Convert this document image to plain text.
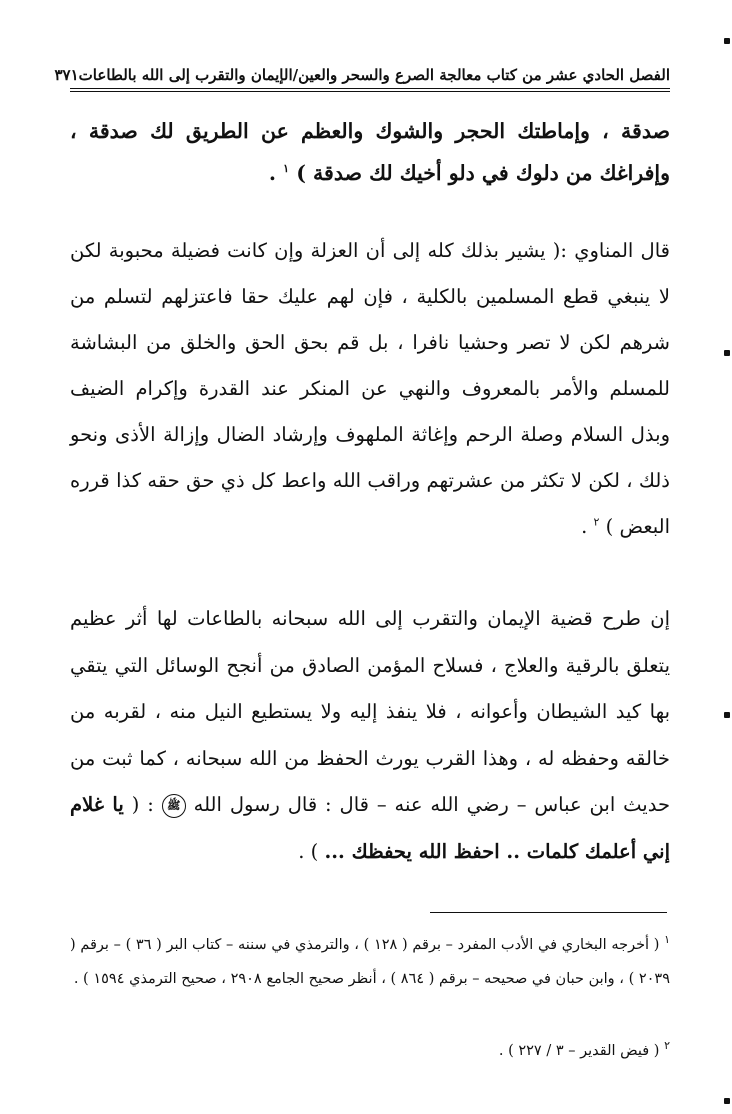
الفصل الحادي عشر من كتاب معالجة الصرع والسحر والعين/الإيمان والتقرب إلى الله بالطاعات
٣٧١

صدقة ، وإماطتك الحجر والشوك والعظم عن الطريق لك صدقة ، وإفراغك من دلوك في دلو أخيك لك صدقة ) $^١$ .

قال المناوي :( يشير بذلك كله إلى أن العزلة وإن كانت فضيلة محبوبة لكن لا ينبغي قطع المسلمين بالكلية ، فإن لهم عليك حقا فاعتزلهم لتسلم من شرهم لكن لا تصر وحشيا نافرا ، بل قم بحق الحق والخلق من البشاشة للمسلم والأمر بالمعروف والنهي عن المنكر عند القدرة وإكرام الضيف وبذل السلام وصلة الرحم وإغاثة الملهوف وإرشاد الضال وإزالة الأذى ونحو ذلك ، لكن لا تكثر من عشرتهم وراقب الله واعط كل ذي حق حقه كذا قرره البعض ) $^٢$ .

إن طرح قضية الإيمان والتقرب إلى الله سبحانه بالطاعات لها أثر عظيم يتعلق بالرقية والعلاج ، فسلاح المؤمن الصادق من أنجح الوسائل التي يتقي بها كيد الشيطان وأعوانه ، فلا ينفذ إليه ولا يستطيع النيل منه ، لقربه من خالقه وحفظه له ، وهذا القرب يورث الحفظ من الله سبحانه ، كما ثبت من حديث ابن عباس – رضي الله عنه – قال : قال رسول الله ﷺ : ( يا غلام إني أعلمك كلمات .. احفظ الله يحفظك ... ) .

$^١$ ( أخرجه البخاري في الأدب المفرد – برقم ( ١٢٨ ) ، والترمذي في سننه – كتاب البر ( ٣٦ ) – برقم ( ٢٠٣٩ ) ، وابن حبان في صحيحه – برقم ( ٨٦٤ ) ، أنظر صحيح الجامع ٢٩٠٨ ، صحيح الترمذي ١٥٩٤ ) .

$^٢$ ( فيض القدير – ٣ / ٢٢٧ ) .
